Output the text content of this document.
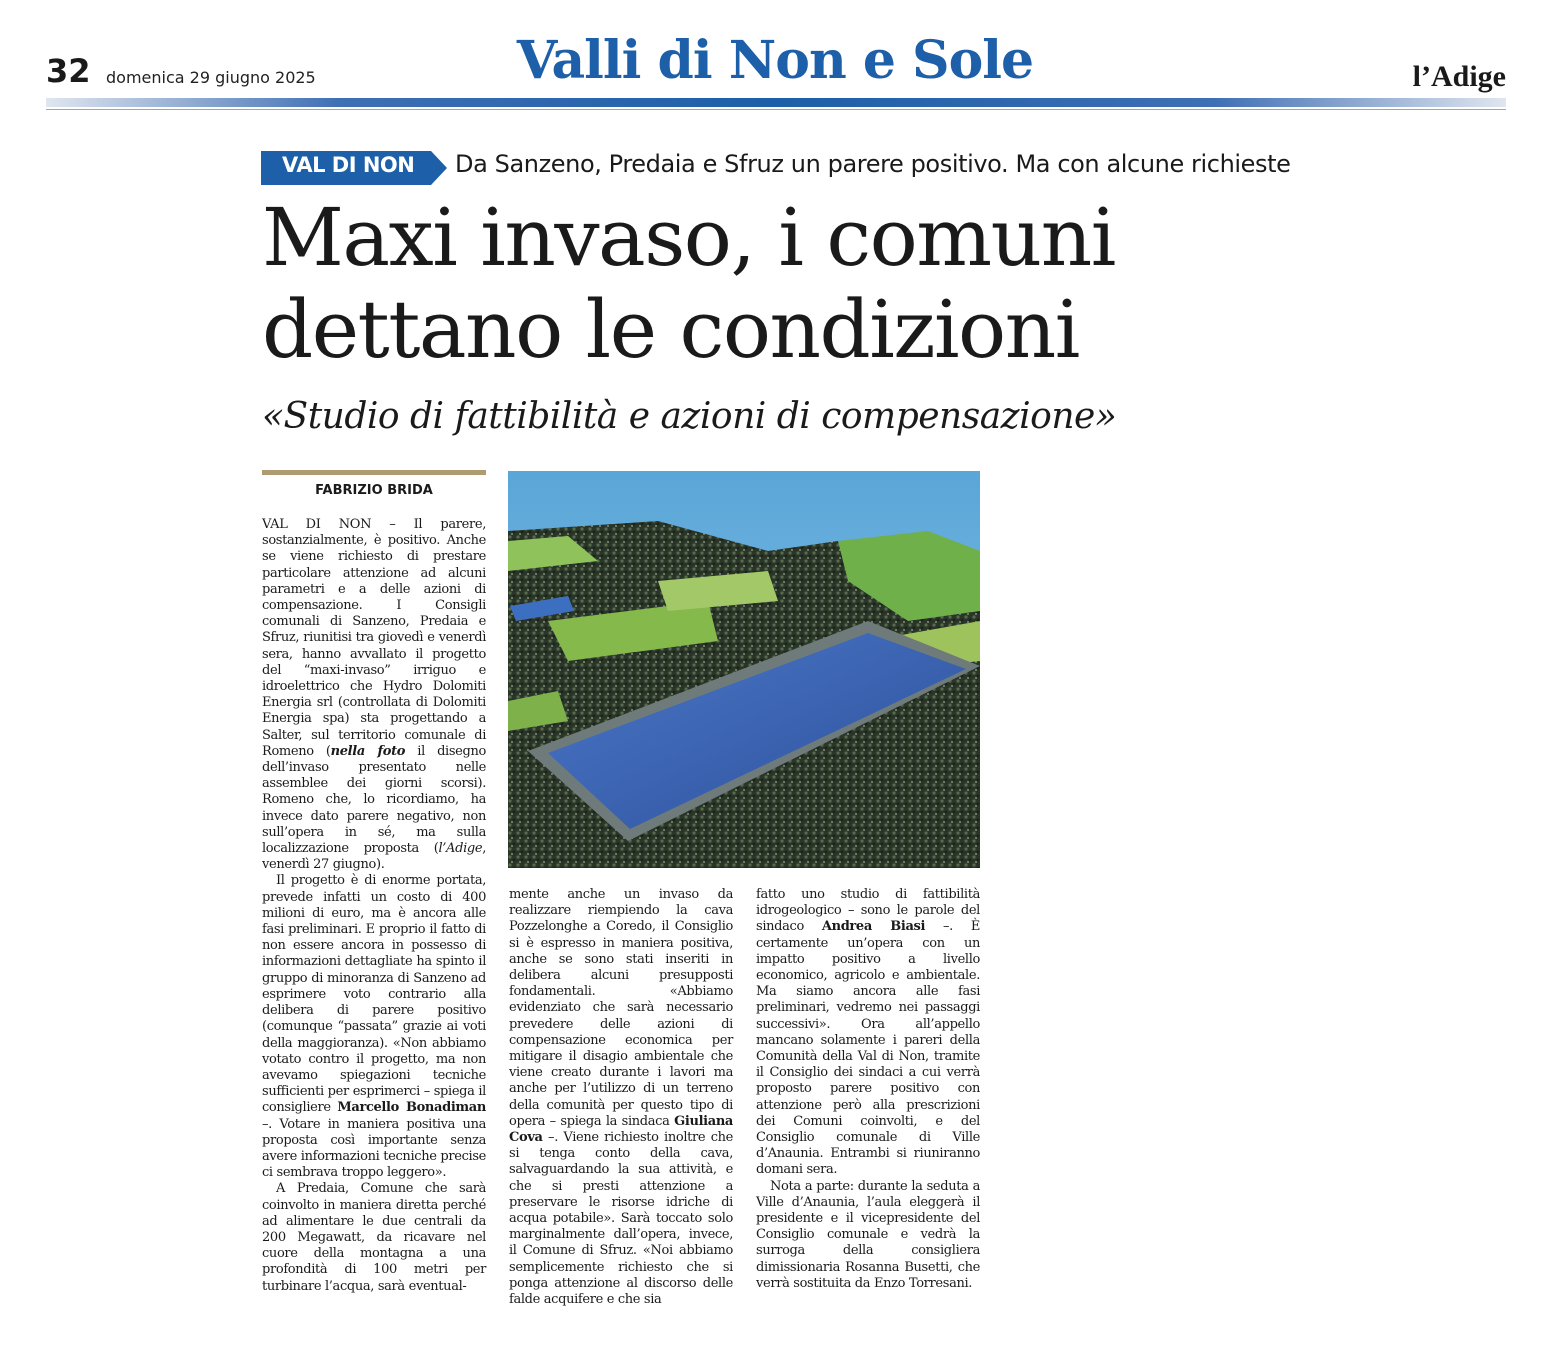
32 domenica 29 giugno 2025	Valli di Non e Sole	l’Adige
VAL DI NON Da Sanzeno, Predaia e Sfruz un parere positivo. Ma con alcune richieste
Maxi invaso, i comuni
dettano le condizioni
«Studio di fattibilità e azioni di compensazione»
FABRIZIO BRIDA

VAL DI NON – Il parere, sostanzialmente, è positivo. Anche se viene richiesto di prestare particolare attenzione ad alcuni parametri e a delle azioni di compensazione. I Consigli comunali di Sanzeno, Predaia e Sfruz, riunitisi tra giovedì e venerdì sera, hanno avvallato il progetto del “maxi-invaso” irriguo e idroelettrico che Hydro Dolomiti Energia srl (controllata di Dolomiti Energia spa) sta progettando a Salter, sul territorio comunale di Romeno (nella foto il disegno dell’invaso presentato nelle assemblee dei giorni scorsi). Romeno che, lo ricordiamo, ha invece dato parere negativo, non sull’opera in sé, ma sulla localizzazione proposta (l’Adige, venerdì 27 giugno).

Il progetto è di enorme portata, prevede infatti un costo di 400 milioni di euro, ma è ancora alle fasi preliminari. E proprio il fatto di non essere ancora in possesso di informazioni dettagliate ha spinto il gruppo di minoranza di Sanzeno ad esprimere voto contrario alla delibera di parere positivo (comunque “passata” grazie ai voti della maggioranza). «Non abbiamo votato contro il progetto, ma non avevamo spiegazioni tecniche sufficienti per esprimerci – spiega il consigliere Marcello Bonadiman –. Votare in maniera positiva una proposta così importante senza avere informazioni tecniche precise ci sembrava troppo leggero».

A Predaia, Comune che sarà coinvolto in maniera diretta perché ad alimentare le due centrali da 200 Megawatt, da ricavare nel cuore della montagna a una profondità di 100 metri per turbinare l’acqua, sarà eventual-

mente anche un invaso da realizzare riempiendo la cava Pozzelonghe a Coredo, il Consiglio si è espresso in maniera positiva, anche se sono stati inseriti in delibera alcuni presupposti fondamentali. «Abbiamo evidenziato che sarà necessario prevedere delle azioni di compensazione economica per mitigare il disagio ambientale che viene creato durante i lavori ma anche per l’utilizzo di un terreno della comunità per questo tipo di opera – spiega la sindaca Giuliana Cova –. Viene richiesto inoltre che si tenga conto della cava, salvaguardando la sua attività, e che si presti attenzione a preservare le risorse idriche di acqua potabile». Sarà toccato solo marginalmente dall’opera, invece, il Comune di Sfruz. «Noi abbiamo semplicemente richiesto che si ponga attenzione al discorso delle falde acquifere e che sia

fatto uno studio di fattibilità idrogeologico – sono le parole del sindaco Andrea Biasi –. È certamente un’opera con un impatto positivo a livello economico, agricolo e ambientale. Ma siamo ancora alle fasi preliminari, vedremo nei passaggi successivi». Ora all’appello mancano solamente i pareri della Comunità della Val di Non, tramite il Consiglio dei sindaci a cui verrà proposto parere positivo con attenzione però alla prescrizioni dei Comuni coinvolti, e del Consiglio comunale di Ville d’Anaunia. Entrambi si riuniranno domani sera.

Nota a parte: durante la seduta a Ville d’Anaunia, l’aula eleggerà il presidente e il vicepresidente del Consiglio comunale e vedrà la surroga della consigliera dimissionaria Rosanna Busetti, che verrà sostituita da Enzo Torresani.
